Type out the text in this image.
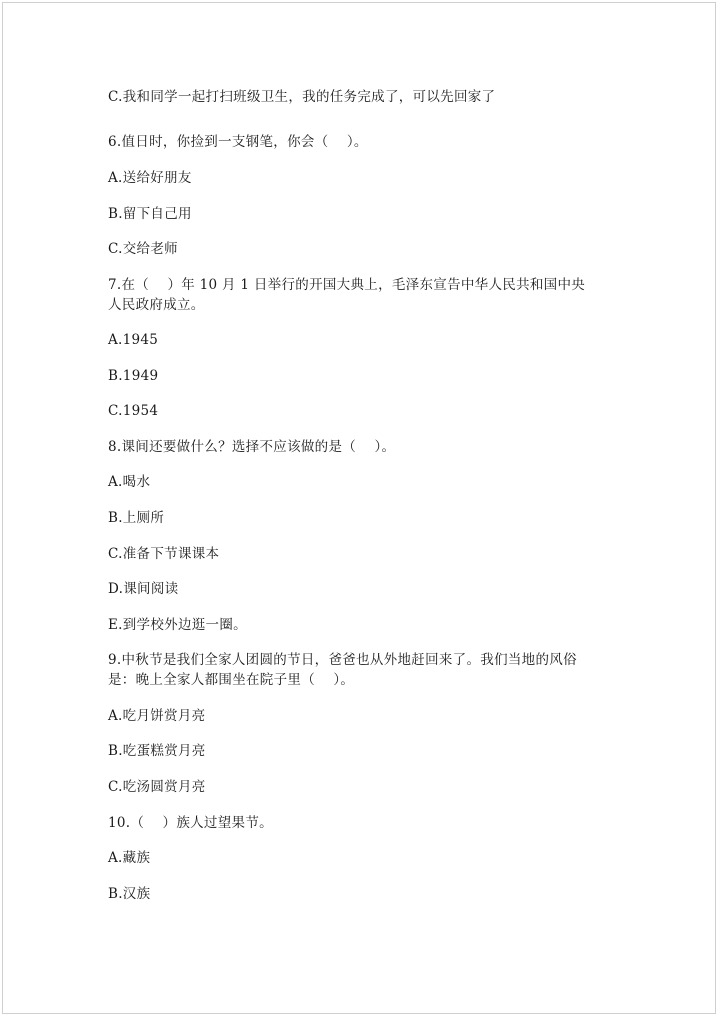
C.我和同学一起打扫班级卫生，我的任务完成了，可以先回家了
6.值日时，你捡到一支钢笔，你会（    ）。
A.送给好朋友
B.留下自己用
C.交给老师
7.在（    ）年 10 月 1 日举行的开国大典上，毛泽东宣告中华人民共和国中央
人民政府成立。
A.1945
B.1949
C.1954
8.课间还要做什么？选择不应该做的是（    ）。
A.喝水
B.上厕所
C.准备下节课课本
D.课间阅读
E.到学校外边逛一圈。
9.中秋节是我们全家人团圆的节日，爸爸也从外地赶回来了。我们当地的风俗
是：晚上全家人都围坐在院子里（    ）。
A.吃月饼赏月亮
B.吃蛋糕赏月亮
C.吃汤圆赏月亮
10.（    ）族人过望果节。
A.藏族
B.汉族
